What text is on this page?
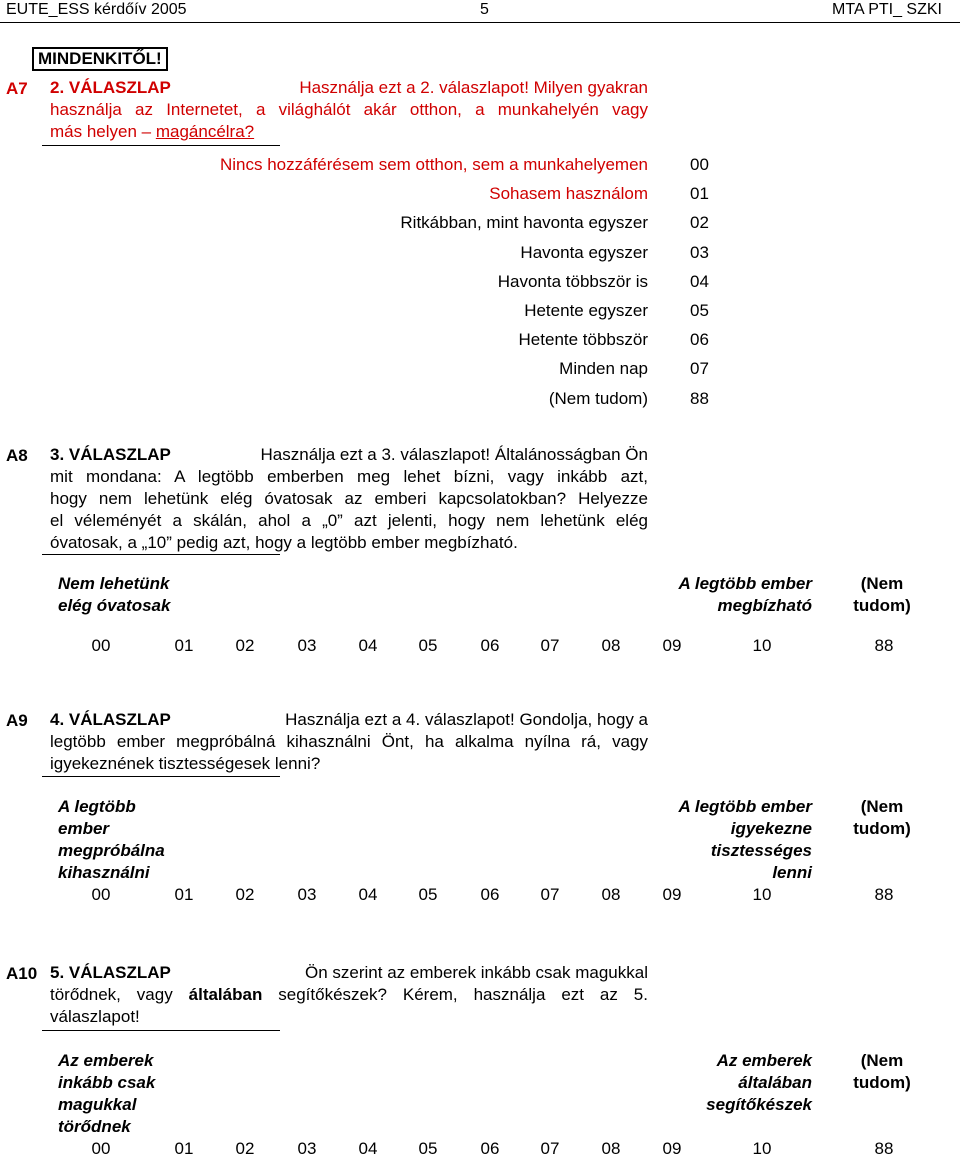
EUTE_ESS kérdőív 2005	5	MTA PTI_ SZKI
MINDENKITŐL!
A7 2. VÁLASZLAP	Használja ezt a 2. válaszlapot! Milyen gyakran
használja az Internetet, a világhálót akár otthon, a munkahelyén vagy
más helyen – magáncélra?
Nincs hozzáférésem sem otthon, sem a munkahelyemen 00
Sohasem használom 01
Ritkábban, mint havonta egyszer 02
Havonta egyszer 03
Havonta többször is 04
Hetente egyszer 05
Hetente többször 06
Minden nap 07
(Nem tudom) 88
A8 3. VÁLASZLAP	Használja ezt a 3. válaszlapot! Általánosságban Ön
mit mondana: A legtöbb emberben meg lehet bízni, vagy inkább azt,
hogy nem lehetünk elég óvatosak az emberi kapcsolatokban? Helyezze
el véleményét a skálán, ahol a „0” azt jelenti, hogy nem lehetünk elég
óvatosak, a „10” pedig azt, hogy a legtöbb ember megbízható.
Nem lehetünk
elég óvatosak
A legtöbb ember
megbízható
(Nem
tudom)
00	01	02	03	04	05	06	07	08	09	10	88
A9 4. VÁLASZLAP	Használja ezt a 4. válaszlapot! Gondolja, hogy a
legtöbb ember megpróbálná kihasználni Önt, ha alkalma nyílna rá, vagy
igyekeznének tisztességesek lenni?
A legtöbb
ember
megpróbálna
kihasználni
A legtöbb ember
igyekezne
tisztességes
lenni
(Nem
tudom)
00	01	02	03	04	05	06	07	08	09	10	88
A10 5. VÁLASZLAP	Ön szerint az emberek inkább csak magukkal
törődnek, vagy általában segítőkészek? Kérem, használja ezt az 5.
válaszlapot!
Az emberek
inkább csak
magukkal
törődnek
Az emberek
általában
segítőkészek
(Nem
tudom)
00	01	02	03	04	05	06	07	08	09	10	88
